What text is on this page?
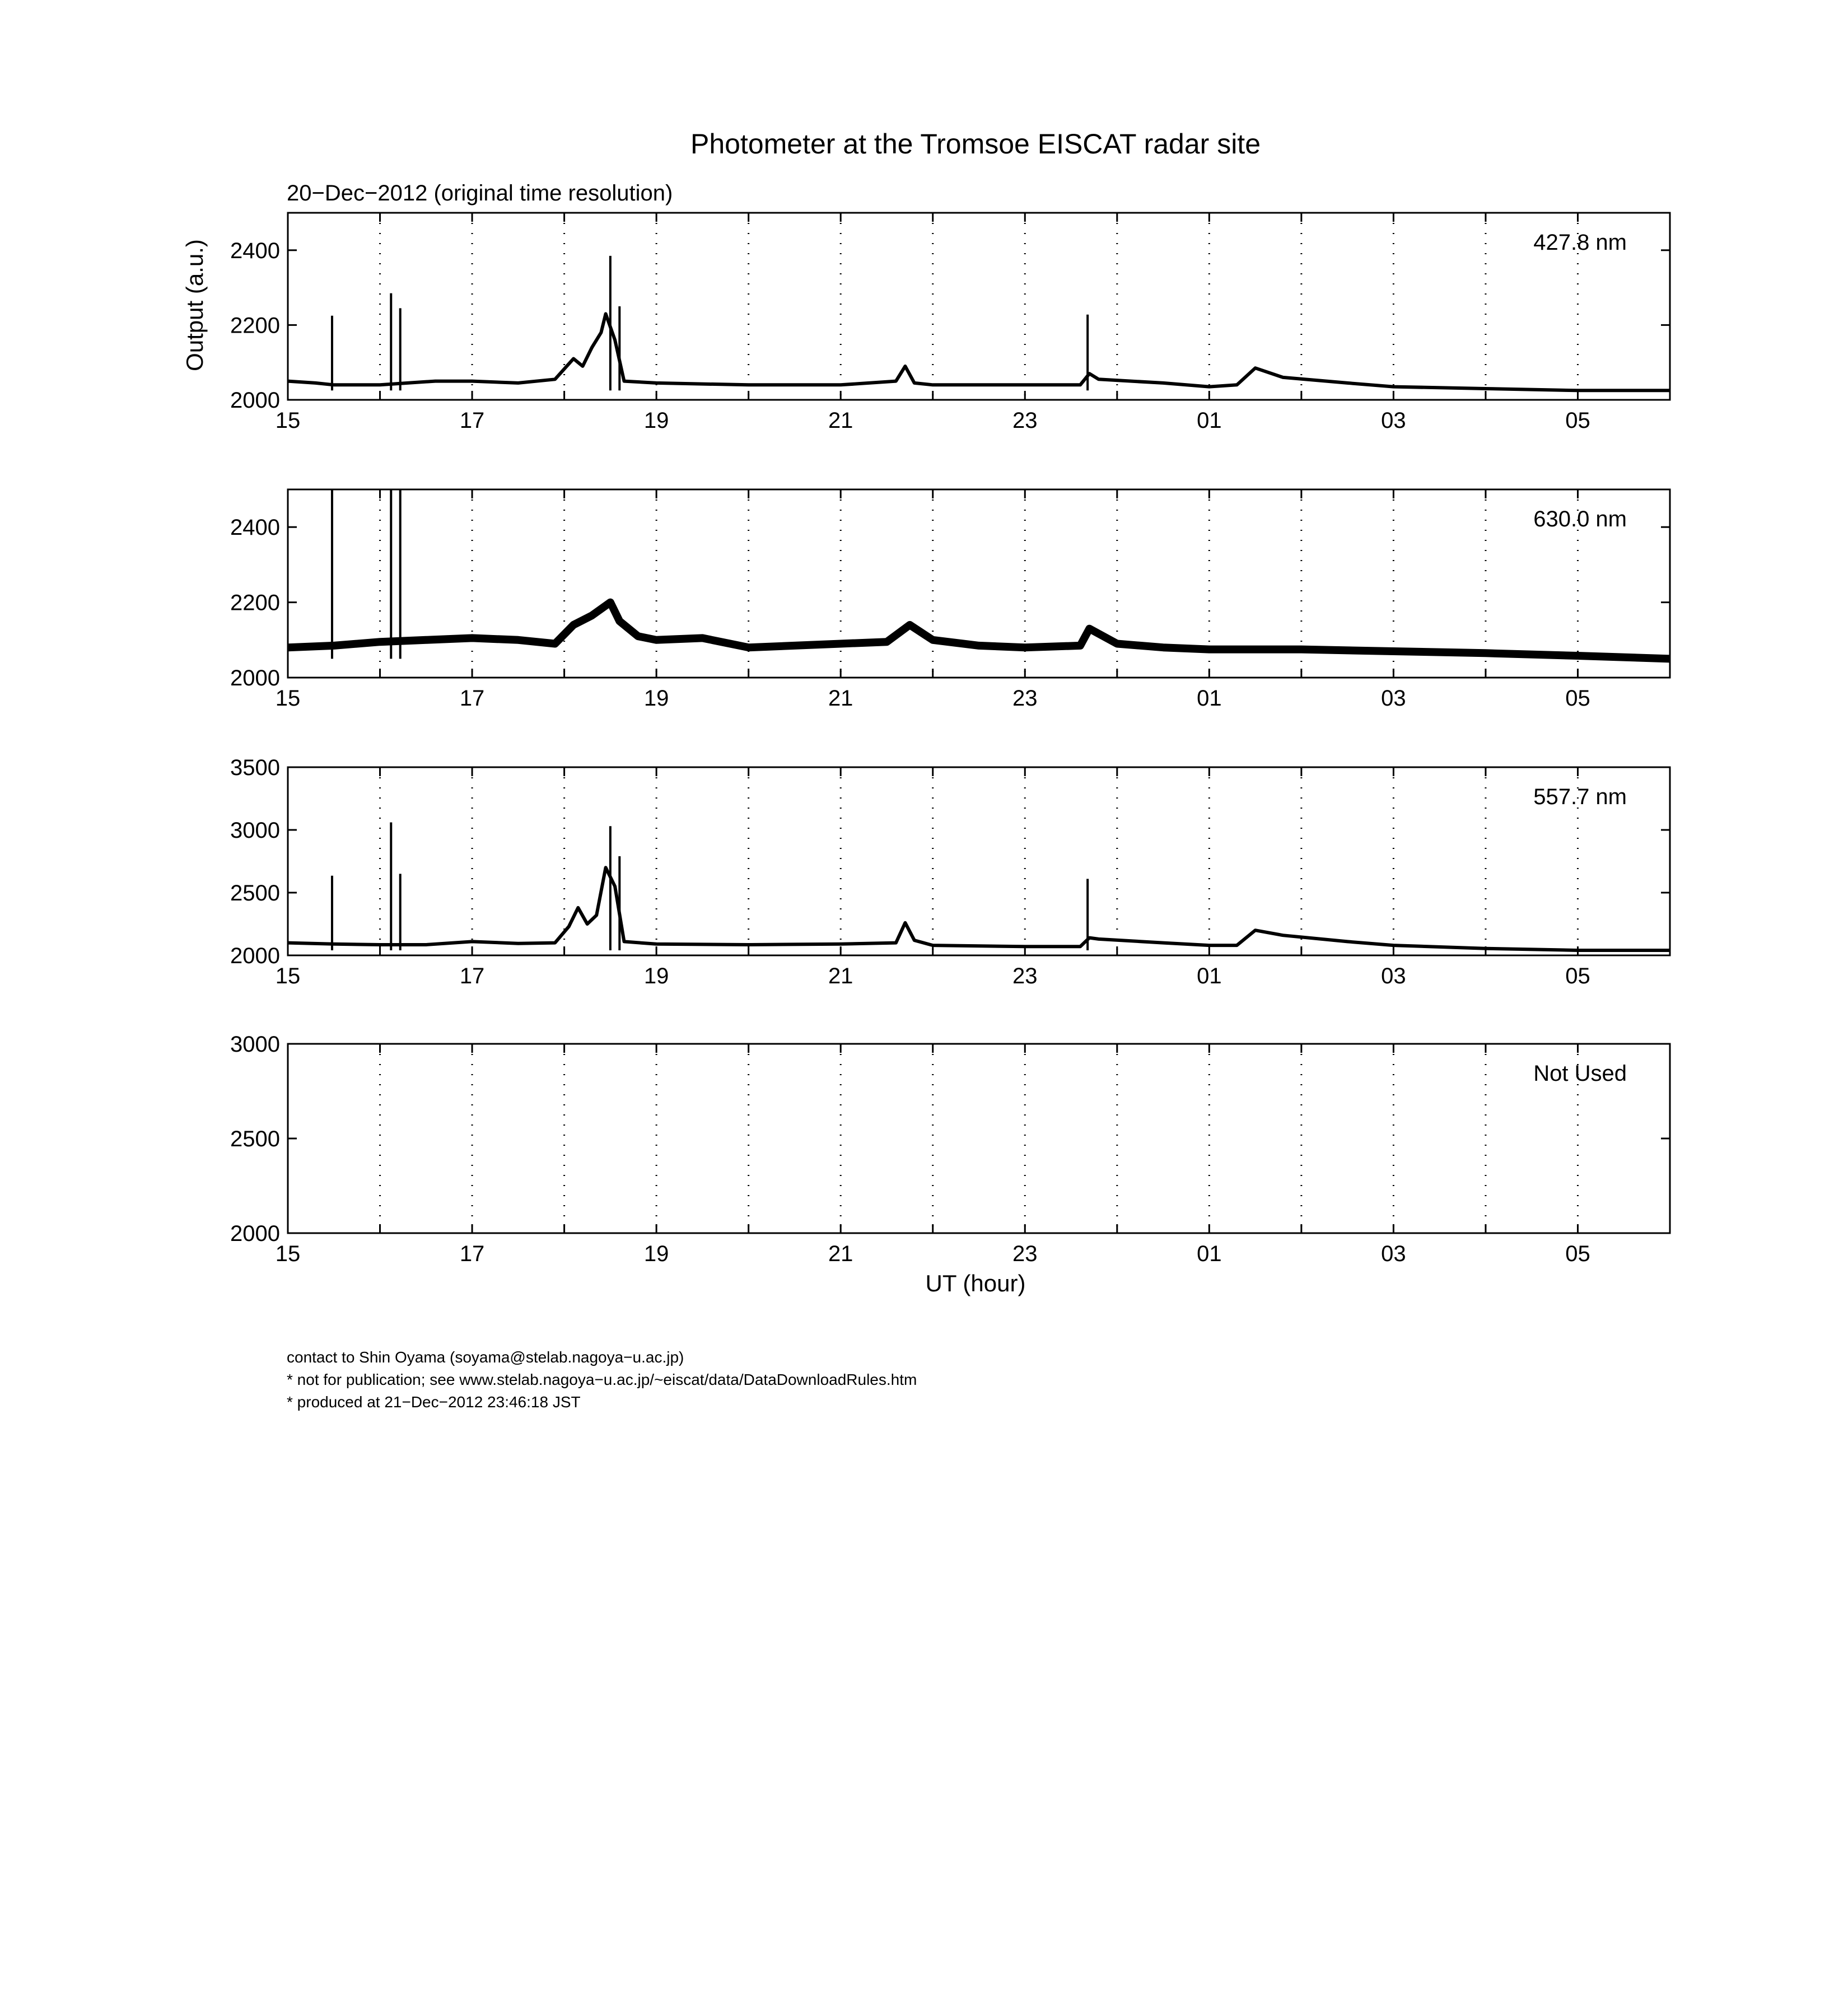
Photometer at the Tromsoe EISCAT radar site
20−Dec−2012 (original time resolution)
Output (a.u.)
UT (hour)
contact to Shin Oyama (soyama@stelab.nagoya−u.ac.jp)
* not for publication; see www.stelab.nagoya−u.ac.jp/~eiscat/data/DataDownloadRules.htm
* produced at 21−Dec−2012 23:46:18 JST
15	17	19	21	23	01	03	05
2000
2200
2400	427.8 nm
15	17	19	21	23	01	03	05
2000
2200
2400	630.0 nm
15	17	19	21	23	01	03	05
2000
2500
3000
3500
557.7 nm
15	17	19	21	23	01	03	05
2000
2500
3000
Not Used
